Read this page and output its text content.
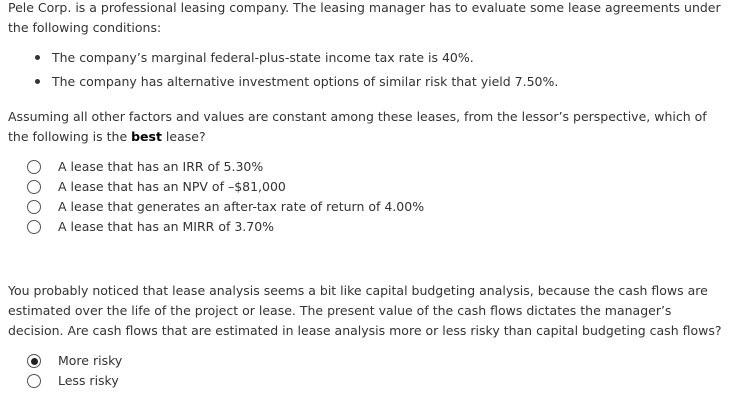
Pele Corp. is a professional leasing company. The leasing manager has to evaluate some lease agreements under the following conditions:

The company’s marginal federal-plus-state income tax rate is 40%.
The company has alternative investment options of similar risk that yield 7.50%.

Assuming all other factors and values are constant among these leases, from the lessor’s perspective, which of the following is the best lease?

A lease that has an IRR of 5.30%
A lease that has an NPV of –$81,000
A lease that generates an after-tax rate of return of 4.00%
A lease that has an MIRR of 3.70%

You probably noticed that lease analysis seems a bit like capital budgeting analysis, because the cash flows are estimated over the life of the project or lease. The present value of the cash flows dictates the manager’s decision. Are cash flows that are estimated in lease analysis more or less risky than capital budgeting cash flows?

More risky
Less risky
